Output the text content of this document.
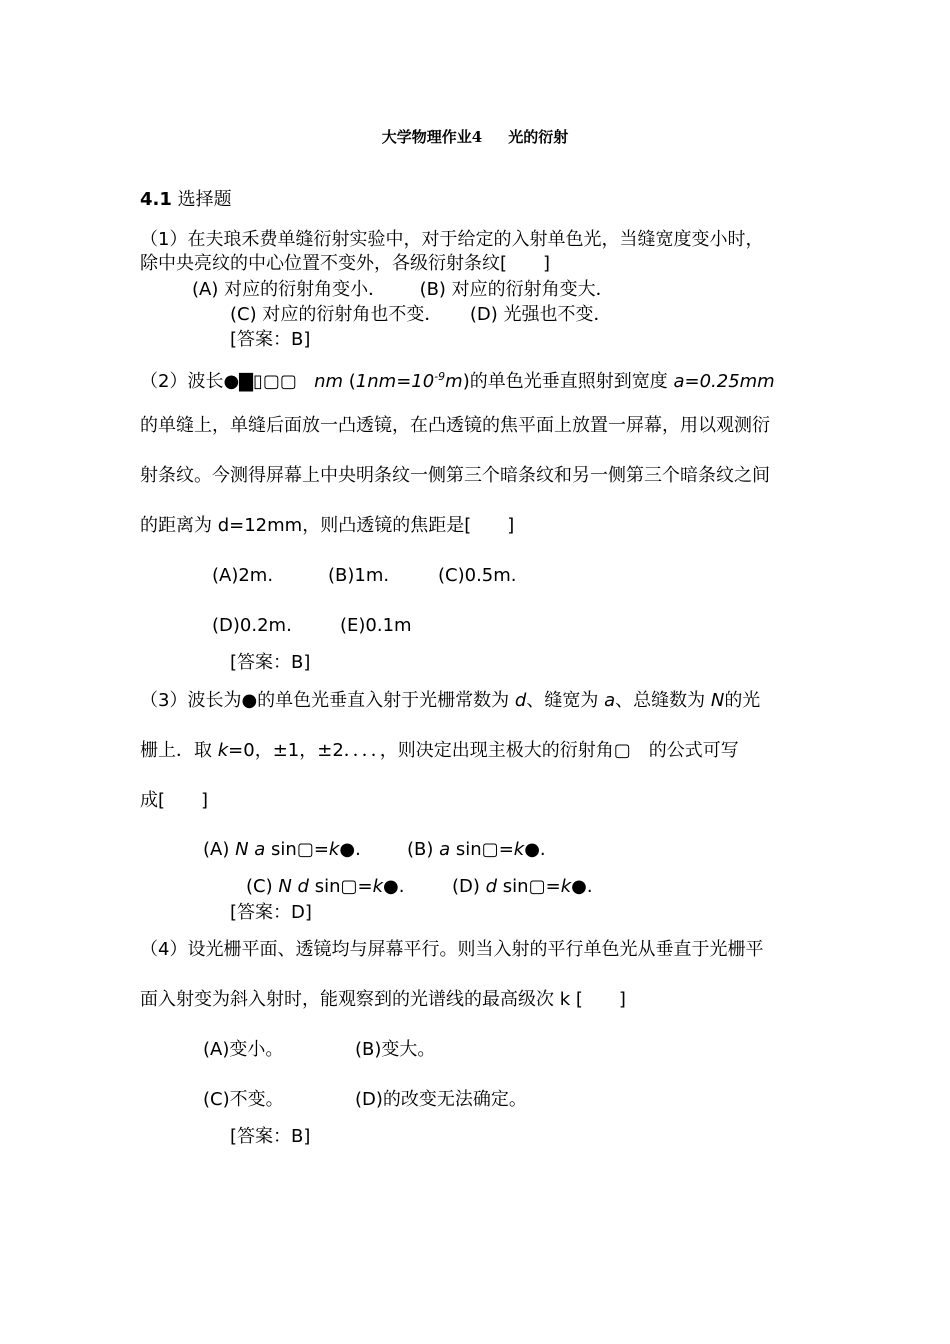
大学物理作业4 光的衍射
4.1 选择题
（1）在夫琅禾费单缝衍射实验中，对于给定的入射单色光，当缝宽度变小时，
除中央亮纹的中心位置不变外，各级衍射条纹[　　]
(A) 对应的衍射角变小． (B) 对应的衍射角变大．
(C) 对应的衍射角也不变． (D) 光强也不变．
[答案：B]
（2）波长●▇▯▢▢ nm $(1nm=10^{-9}m)$的单色光垂直照射到宽度 a=0.25mm
的单缝上，单缝后面放一凸透镜，在凸透镜的焦平面上放置一屏幕，用以观测衍
射条纹。今测得屏幕上中央明条纹一侧第三个暗条纹和另一侧第三个暗条纹之间
的距离为 d=12mm，则凸透镜的焦距是[　　]
(A)2m.	(B)1m.	(C)0.5m.
(D)0.2m.	(E)0.1m
[答案：B]
（3）波长为●的单色光垂直入射于光栅常数为 d、缝宽为 a、总缝数为 N的光
栅上．取 k=0，±1，±2．．．．，则决定出现主极大的衍射角▢　的公式可写
成[　　]
(A) N a sin▢=k●.	(B) a sin▢=k●.
(C) N d sin▢=k●.	(D) d sin▢=k●.
[答案：D]
（4）设光栅平面、透镜均与屏幕平行。则当入射的平行单色光从垂直于光栅平
面入射变为斜入射时，能观察到的光谱线的最高级次 k [　　]
(A)变小。	(B)变大。
(C)不变。	(D)的改变无法确定。
[答案：B]
